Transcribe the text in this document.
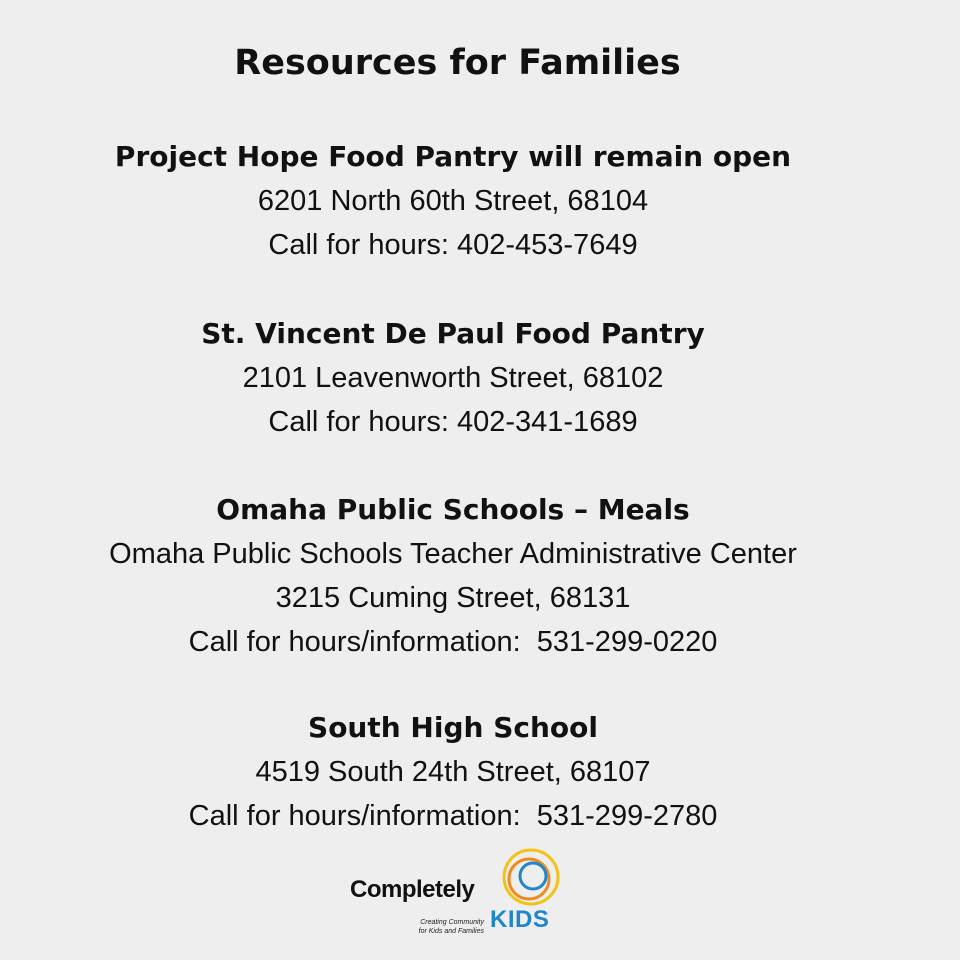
Resources for Families

Project Hope Food Pantry will remain open

6201 North 60th Street, 68104

Call for hours: 402-453-7649

St. Vincent De Paul Food Pantry

2101 Leavenworth Street, 68102

Call for hours: 402-341-1689

Omaha Public Schools – Meals

Omaha Public Schools Teacher Administrative Center

3215 Cuming Street, 68131

Call for hours/information:  531-299-0220

South High School

4519 South 24th Street, 68107

Call for hours/information:  531-299-2780

Completely
KIDS
Creating Community
for Kids and Families
